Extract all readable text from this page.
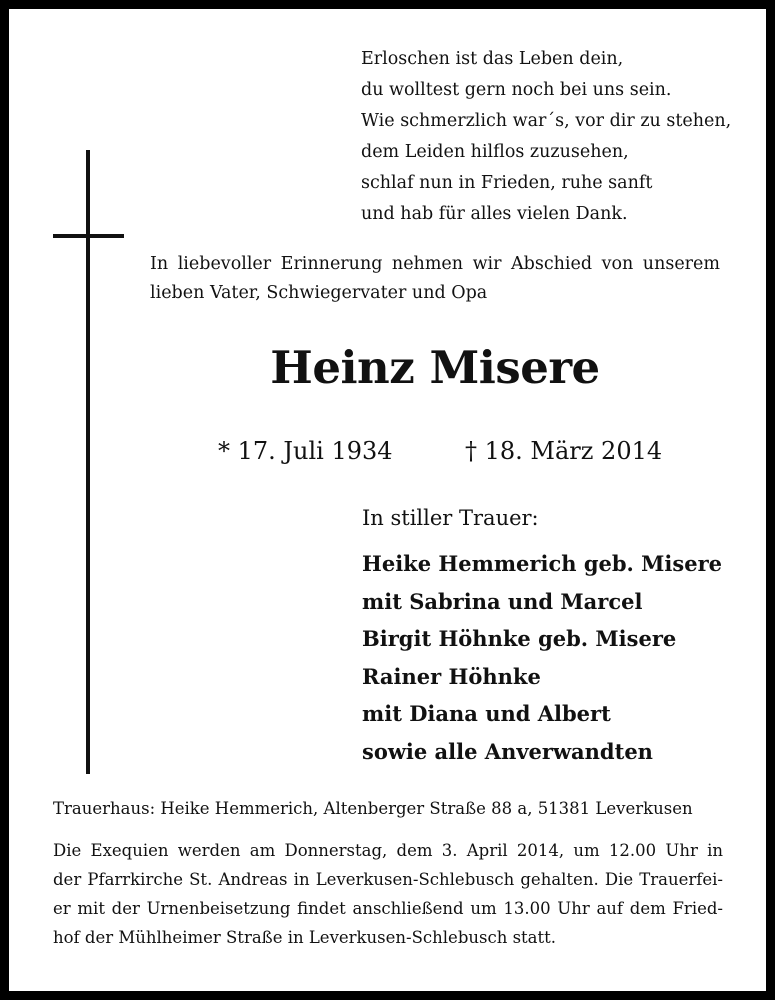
Erloschen ist das Leben dein,
du wolltest gern noch bei uns sein.
Wie schmerzlich war´s, vor dir zu stehen,
dem Leiden hilflos zuzusehen,
schlaf nun in Frieden, ruhe sanft
und hab für alles vielen Dank.
In liebevoller Erinnerung nehmen wir Abschied von unserem
lieben Vater, Schwiegervater und Opa
Heinz Misere
* 17. Juli 1934	† 18. März 2014
In stiller Trauer:
Heike Hemmerich geb. Misere
mit Sabrina und Marcel
Birgit Höhnke geb. Misere
Rainer Höhnke
mit Diana und Albert
sowie alle Anverwandten
Trauerhaus: Heike Hemmerich, Altenberger Straße 88 a, 51381 Leverkusen
Die Exequien werden am Donnerstag, dem 3. April 2014, um 12.00 Uhr in
der Pfarrkirche St. Andreas in Leverkusen-Schlebusch gehalten. Die Trauerfei-
er mit der Urnenbeisetzung findet anschließend um 13.00 Uhr auf dem Fried-
hof der Mühlheimer Straße in Leverkusen-Schlebusch statt.
